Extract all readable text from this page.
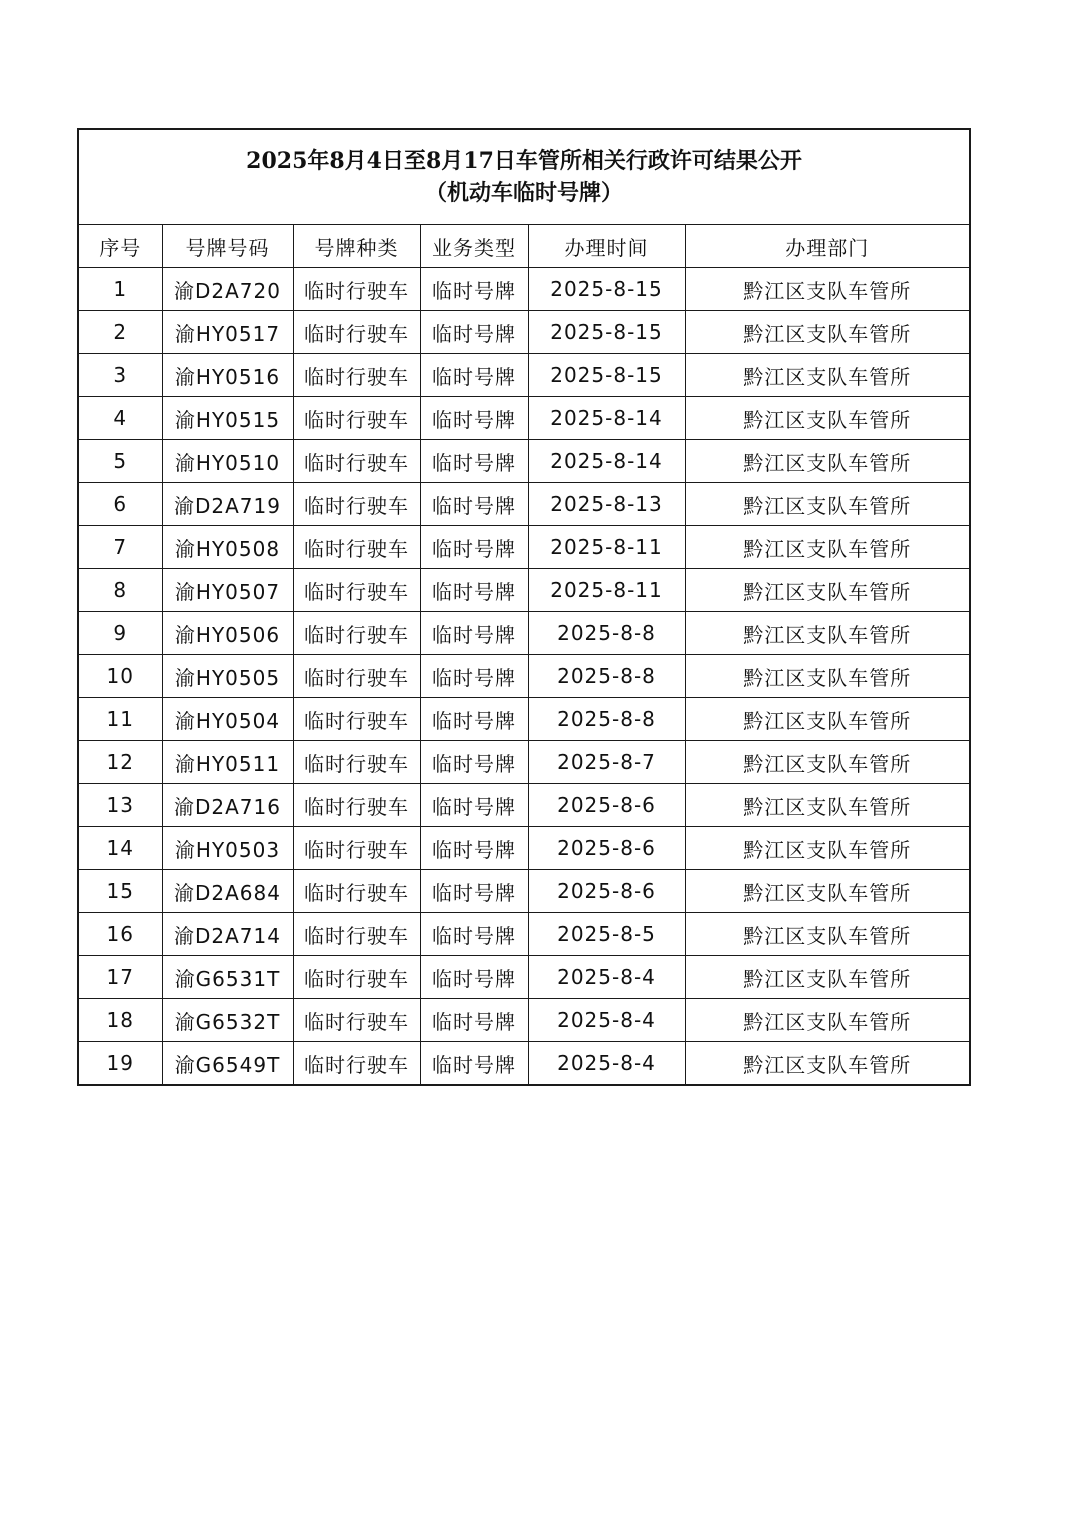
2025年8月4日至8月17日车管所相关行政许可结果公开
（机动车临时号牌）					

序号	号牌号码	号牌种类	业务类型	办理时间	办理部门
1	渝D2A720	临时行驶车	临时号牌	2025-8-15	黔江区支队车管所
2	渝HY0517	临时行驶车	临时号牌	2025-8-15	黔江区支队车管所
3	渝HY0516	临时行驶车	临时号牌	2025-8-15	黔江区支队车管所
4	渝HY0515	临时行驶车	临时号牌	2025-8-14	黔江区支队车管所
5	渝HY0510	临时行驶车	临时号牌	2025-8-14	黔江区支队车管所
6	渝D2A719	临时行驶车	临时号牌	2025-8-13	黔江区支队车管所
7	渝HY0508	临时行驶车	临时号牌	2025-8-11	黔江区支队车管所
8	渝HY0507	临时行驶车	临时号牌	2025-8-11	黔江区支队车管所
9	渝HY0506	临时行驶车	临时号牌	2025-8-8	黔江区支队车管所
10	渝HY0505	临时行驶车	临时号牌	2025-8-8	黔江区支队车管所
11	渝HY0504	临时行驶车	临时号牌	2025-8-8	黔江区支队车管所
12	渝HY0511	临时行驶车	临时号牌	2025-8-7	黔江区支队车管所
13	渝D2A716	临时行驶车	临时号牌	2025-8-6	黔江区支队车管所
14	渝HY0503	临时行驶车	临时号牌	2025-8-6	黔江区支队车管所
15	渝D2A684	临时行驶车	临时号牌	2025-8-6	黔江区支队车管所
16	渝D2A714	临时行驶车	临时号牌	2025-8-5	黔江区支队车管所
17	渝G6531T	临时行驶车	临时号牌	2025-8-4	黔江区支队车管所
18	渝G6532T	临时行驶车	临时号牌	2025-8-4	黔江区支队车管所
19	渝G6549T	临时行驶车	临时号牌	2025-8-4	黔江区支队车管所
